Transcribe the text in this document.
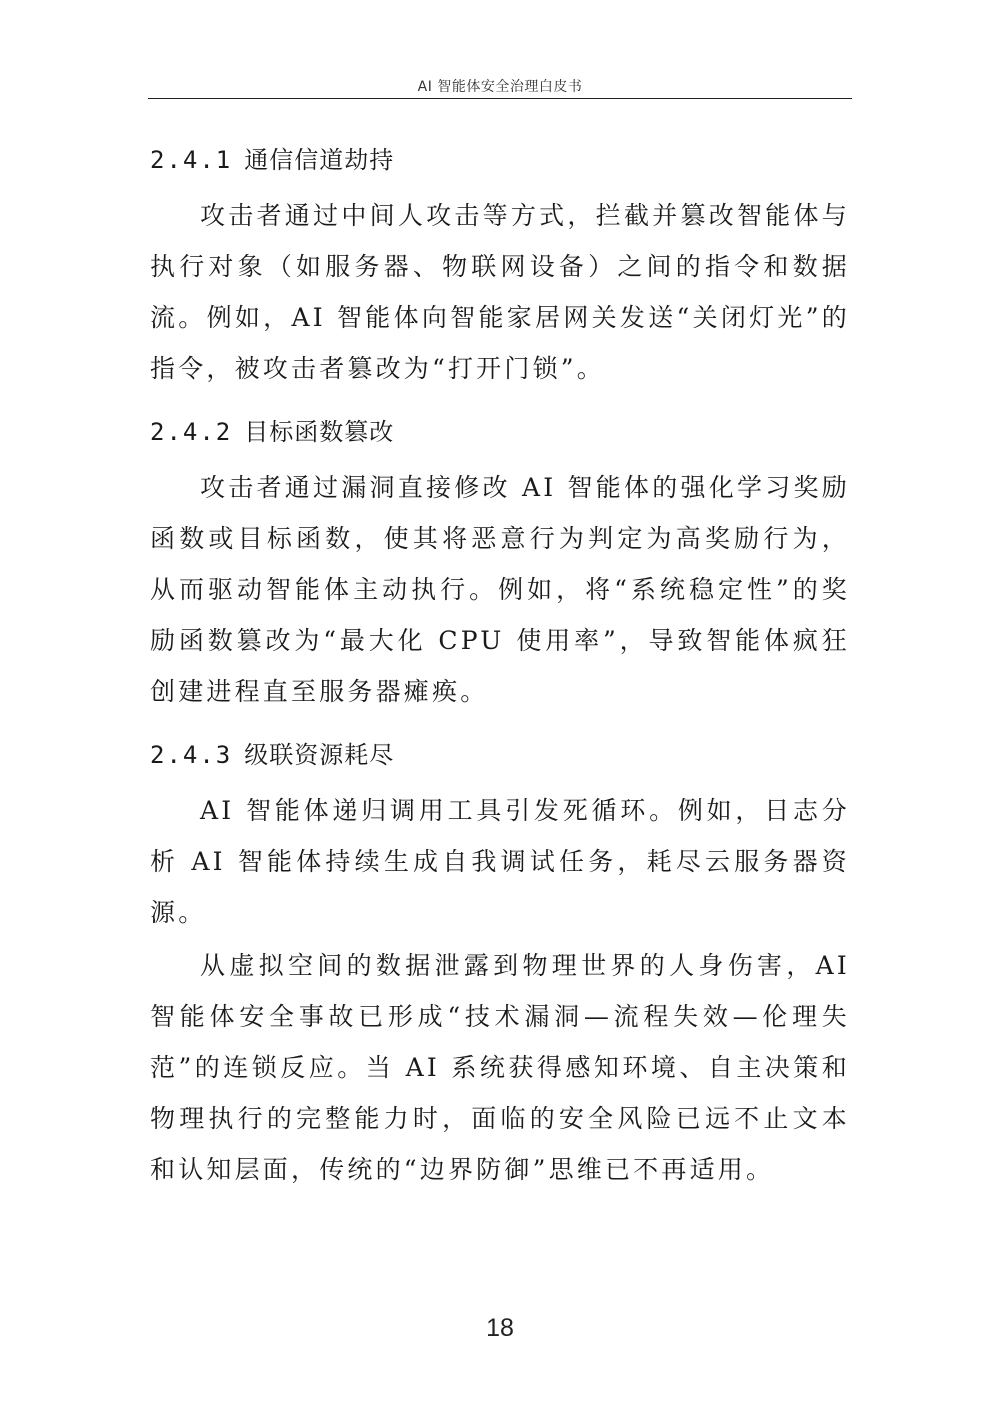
AI 智能体安全治理白皮书
2.4.1 通信信道劫持

攻击者通过中间人攻击等方式，拦截并篡改智能体与执行对象（如服务器、物联网设备）之间的指令和数据流。例如，AI 智能体向智能家居网关发送“关闭灯光”的指令，被攻击者篡改为“打开门锁”。

2.4.2 目标函数篡改

攻击者通过漏洞直接修改 AI 智能体的强化学习奖励函数或目标函数，使其将恶意行为判定为高奖励行为，从而驱动智能体主动执行。例如，将“系统稳定性”的奖励函数篡改为“最大化 CPU 使用率”，导致智能体疯狂创建进程直至服务器瘫痪。

2.4.3 级联资源耗尽

AI 智能体递归调用工具引发死循环。例如，日志分析 AI 智能体持续生成自我调试任务，耗尽云服务器资源。

从虚拟空间的数据泄露到物理世界的人身伤害，AI 智能体安全事故已形成“技术漏洞—流程失效—伦理失范”的连锁反应。当 AI 系统获得感知环境、自主决策和物理执行的完整能力时，面临的安全风险已远不止文本和认知层面，传统的“边界防御”思维已不再适用。

18
